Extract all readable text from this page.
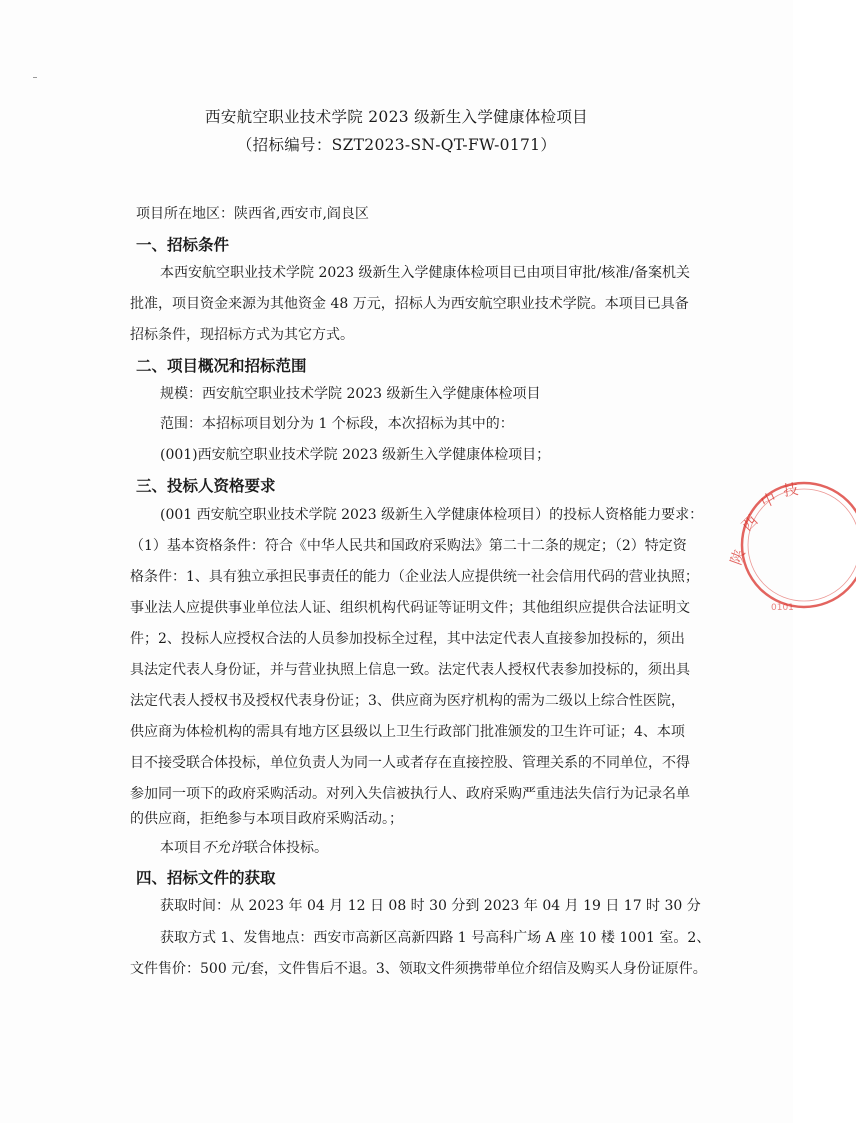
西安航空职业技术学院 2023 级新生入学健康体检项目
（招标编号：SZT2023-SN-QT-FW-0171）
项目所在地区：陕西省,西安市,阎良区
一、招标条件
本西安航空职业技术学院 2023 级新生入学健康体检项目已由项目审批/核准/备案机关
批准，项目资金来源为其他资金 48 万元，招标人为西安航空职业技术学院。本项目已具备
招标条件，现招标方式为其它方式。
二、项目概况和招标范围
规模：西安航空职业技术学院 2023 级新生入学健康体检项目
范围：本招标项目划分为 1 个标段，本次招标为其中的：
(001)西安航空职业技术学院 2023 级新生入学健康体检项目；
三、投标人资格要求
(001 西安航空职业技术学院 2023 级新生入学健康体检项目）的投标人资格能力要求：
（1）基本资格条件：符合《中华人民共和国政府采购法》第二十二条的规定；（2）特定资
格条件：1、具有独立承担民事责任的能力（企业法人应提供统一社会信用代码的营业执照；
事业法人应提供事业单位法人证、组织机构代码证等证明文件；其他组织应提供合法证明文
件；2、投标人应授权合法的人员参加投标全过程，其中法定代表人直接参加投标的，须出
具法定代表人身份证，并与营业执照上信息一致。法定代表人授权代表参加投标的，须出具
法定代表人授权书及授权代表身份证；3、供应商为医疗机构的需为二级以上综合性医院，
供应商为体检机构的需具有地方区县级以上卫生行政部门批准颁发的卫生许可证；4、本项
目不接受联合体投标，单位负责人为同一人或者存在直接控股、管理关系的不同单位，不得
参加同一项下的政府采购活动。对列入失信被执行人、政府采购严重违法失信行为记录名单
的供应商，拒绝参与本项目政府采购活动。；
本项目不允许联合体投标。
四、招标文件的获取
获取时间：从 2023 年 04 月 12 日 08 时 30 分到 2023 年 04 月 19 日 17 时 30 分
获取方式 1、发售地点：西安市高新区高新四路 1 号高科广场 A 座 10 楼 1001 室。2、
文件售价：500 元/套，文件售后不退。3、领取文件须携带单位介绍信及购买人身份证原件。
陕
西
中 技
0101
